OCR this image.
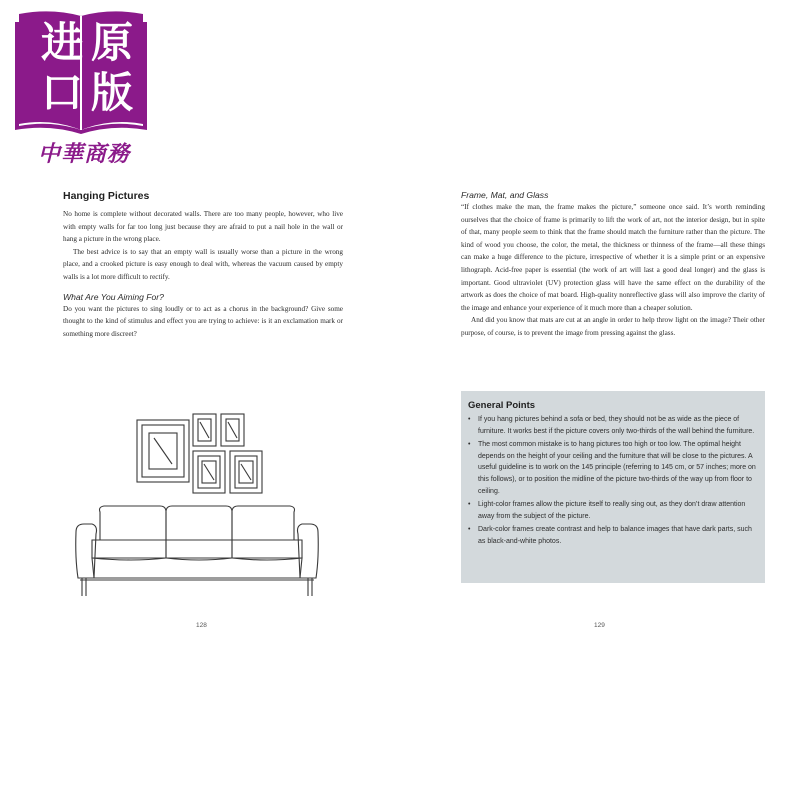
进 原
口 版
中華商務
Hanging Pictures

No home is complete without decorated walls. There are too many people, however, who live with empty walls for far too long just because they are afraid to put a nail hole in the wall or hang a picture in the wrong place.

The best advice is to say that an empty wall is usually worse than a picture in the wrong place, and a crooked picture is easy enough to deal with, whereas the vacuum caused by empty walls is a lot more difficult to rectify.

What Are You Aiming For?

Do you want the pictures to sing loudly or to act as a chorus in the background? Give some thought to the kind of stimulus and effect you are trying to achieve: is it an exclamation mark or something more discreet?

Frame, Mat, and Glass

“If clothes make the man, the frame makes the picture,” someone once said. It’s worth reminding ourselves that the choice of frame is primarily to lift the work of art, not the interior design, but in spite of that, many people seem to think that the frame should match the furniture rather than the picture. The kind of wood you choose, the color, the metal, the thickness or thinness of the frame—all these things can make a huge difference to the picture, irrespective of whether it is a simple print or an expensive lithograph. Acid-free paper is essential (the work of art will last a good deal longer) and the glass is important. Good ultraviolet (UV) protection glass will have the same effect on the durability of the artwork as does the choice of mat board. High-quality nonreflective glass will also improve the clarity of the image and enhance your experience of it much more than a cheaper solution.

And did you know that mats are cut at an angle in order to help throw light on the image? Their other purpose, of course, is to prevent the image from pressing against the glass.

General Points
• If you hang pictures behind a sofa or bed, they should not be as wide as the piece of furniture. It works best if the picture covers only two-thirds of the wall behind the furniture.
• The most common mistake is to hang pictures too high or too low. The optimal height depends on the height of your ceiling and the furniture that will be close to the pictures. A useful guideline is to work on the 145 principle (referring to 145 cm, or 57 inches; more on this follows), or to position the midline of the picture two-thirds of the way up from floor to ceiling.
• Light-color frames allow the picture itself to really sing out, as they don’t draw attention away from the subject of the picture.
• Dark-color frames create contrast and help to balance images that have dark parts, such as black-and-white photos.
128	129
